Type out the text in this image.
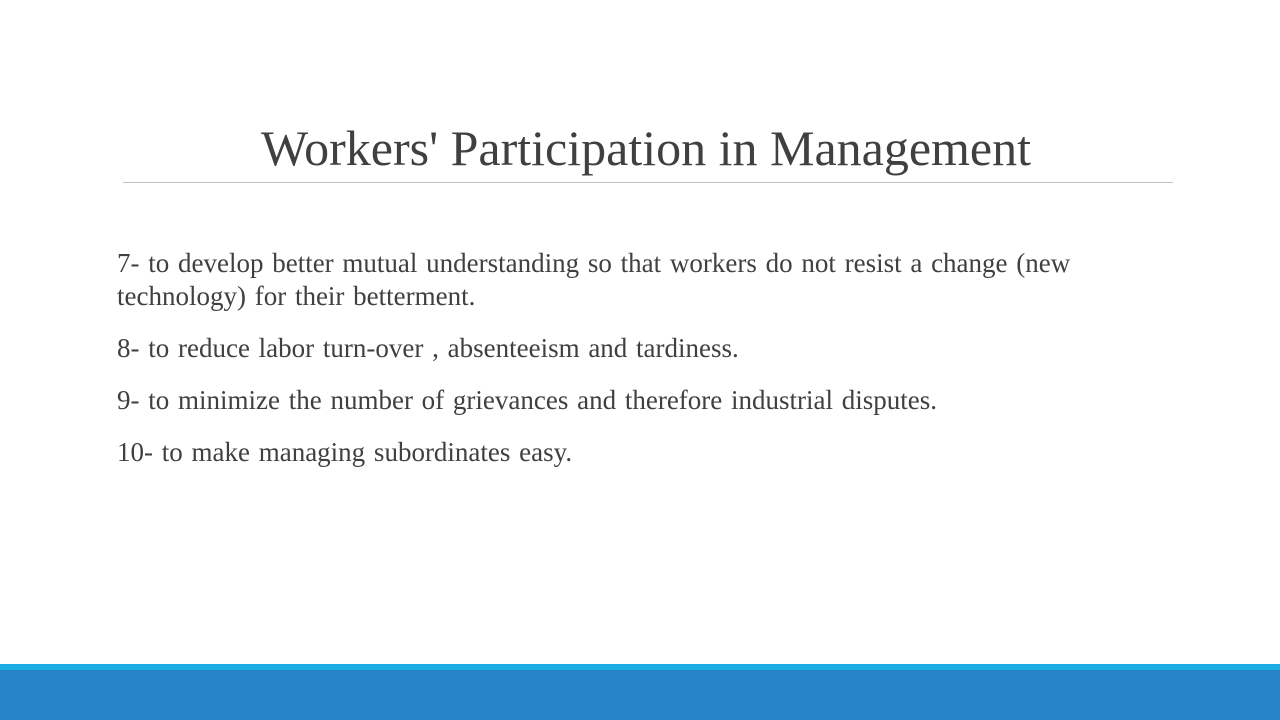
Workers' Participation in Management

7- to develop better mutual understanding so that workers do not resist a change (new technology) for their betterment.

8- to reduce labor turn-over , absenteeism and tardiness.

9- to minimize the number of grievances and therefore industrial disputes.

10- to make managing subordinates easy.
